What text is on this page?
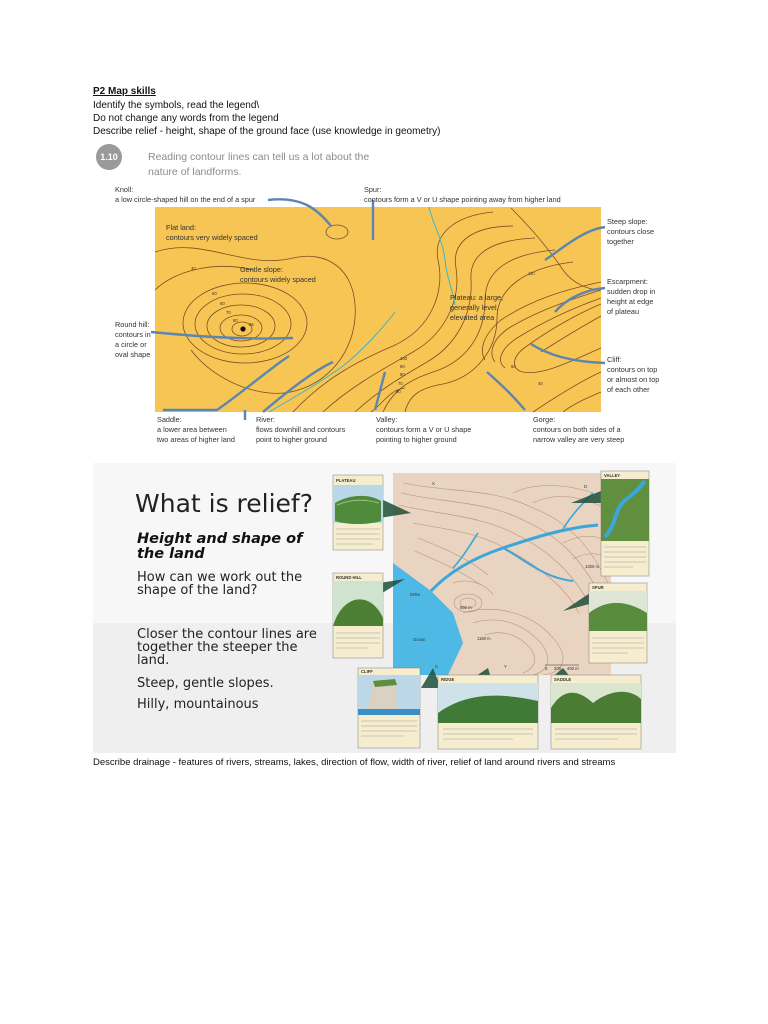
P2 Map skills
Identify the symbols, read the legend\
Do not change any words from the legend
Describe relief - height, shape of the ground face (use knowledge in geometry)
1.10	Reading contour lines can tell us a lot about the
nature of landforms.
40
50
60
70
80
86
110
100
90
80
70
60
50
40
Knoll:
a low circle-shaped hill on the end of a spur
Spur:
contours form a V or U shape pointing away from higher land
Steep slope:
contours close
together
Escarpment:
sudden drop in
height at edge
of plateau
Cliff:
contours on top
or almost on top
of each other
Round hill:
contours in
a circle or
oval shape
Saddle:
a lower area between
two areas of higher land
River:
flows downhill and contours
point to higher ground
Valley:
contours form a V or U shape
pointing to higher ground
Gorge:
contours on both sides of a
narrow valley are very steep
Flat land:
contours very widely spaced
Gentle slope:
contours widely spaced
Plateau: a large,
generally level,
elevated area
What is relief?
Height and shape of
the land
How can we work out the
shape of the land?
Closer the contour lines are
together the steeper the
land.
Steep, gentle slopes.
Hilly, mountainous
X
D
Delta
Ocean
850 m
1160 m
1300 m
C	Y	0 200 400 m
PLATEAU
ROUND HILL
CLIFF
RIDGE	SADDLE
SPUR
VALLEY
Describe drainage - features of rivers, streams, lakes, direction of flow, width of river, relief of land around rivers and streams
